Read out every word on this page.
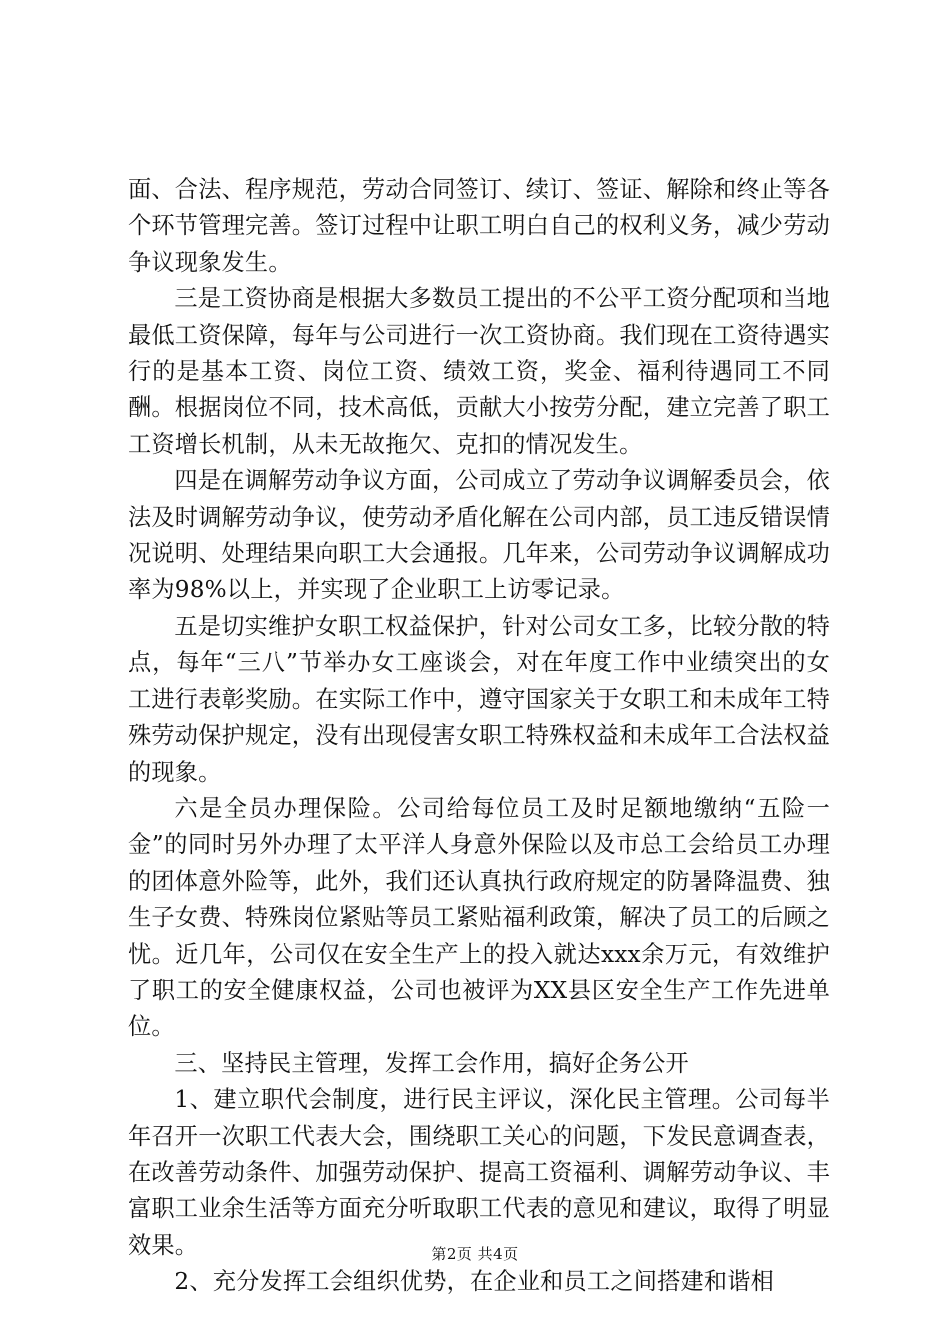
面、合法、程序规范，劳动合同签订、续订、签证、解除和终止等各个环节管理完善。签订过程中让职工明白自己的权利义务，减少劳动争议现象发生。

三是工资协商是根据大多数员工提出的不公平工资分配项和当地最低工资保障，每年与公司进行一次工资协商。我们现在工资待遇实行的是基本工资、岗位工资、绩效工资，奖金、福利待遇同工不同酬。根据岗位不同，技术高低，贡献大小按劳分配，建立完善了职工工资增长机制，从未无故拖欠、克扣的情况发生。

四是在调解劳动争议方面，公司成立了劳动争议调解委员会，依法及时调解劳动争议，使劳动矛盾化解在公司内部，员工违反错误情况说明、处理结果向职工大会通报。几年来，公司劳动争议调解成功率为98%以上，并实现了企业职工上访零记录。

五是切实维护女职工权益保护，针对公司女工多，比较分散的特点，每年“三八”节举办女工座谈会，对在年度工作中业绩突出的女工进行表彰奖励。在实际工作中，遵守国家关于女职工和未成年工特殊劳动保护规定，没有出现侵害女职工特殊权益和未成年工合法权益的现象。

六是全员办理保险。公司给每位员工及时足额地缴纳“五险一金”的同时另外办理了太平洋人身意外保险以及市总工会给员工办理的团体意外险等，此外，我们还认真执行政府规定的防暑降温费、独生子女费、特殊岗位紧贴等员工紧贴福利政策，解决了员工的后顾之忧。近几年，公司仅在安全生产上的投入就达xxx余万元，有效维护了职工的安全健康权益，公司也被评为XX县区安全生产工作先进单位。

三、坚持民主管理，发挥工会作用，搞好企务公开

1、建立职代会制度，进行民主评议，深化民主管理。公司每半年召开一次职工代表大会，围绕职工关心的问题，下发民意调查表，在改善劳动条件、加强劳动保护、提高工资福利、调解劳动争议、丰富职工业余生活等方面充分听取职工代表的意见和建议，取得了明显效果。

2、充分发挥工会组织优势，在企业和员工之间搭建和谐相

第2页 共4页
